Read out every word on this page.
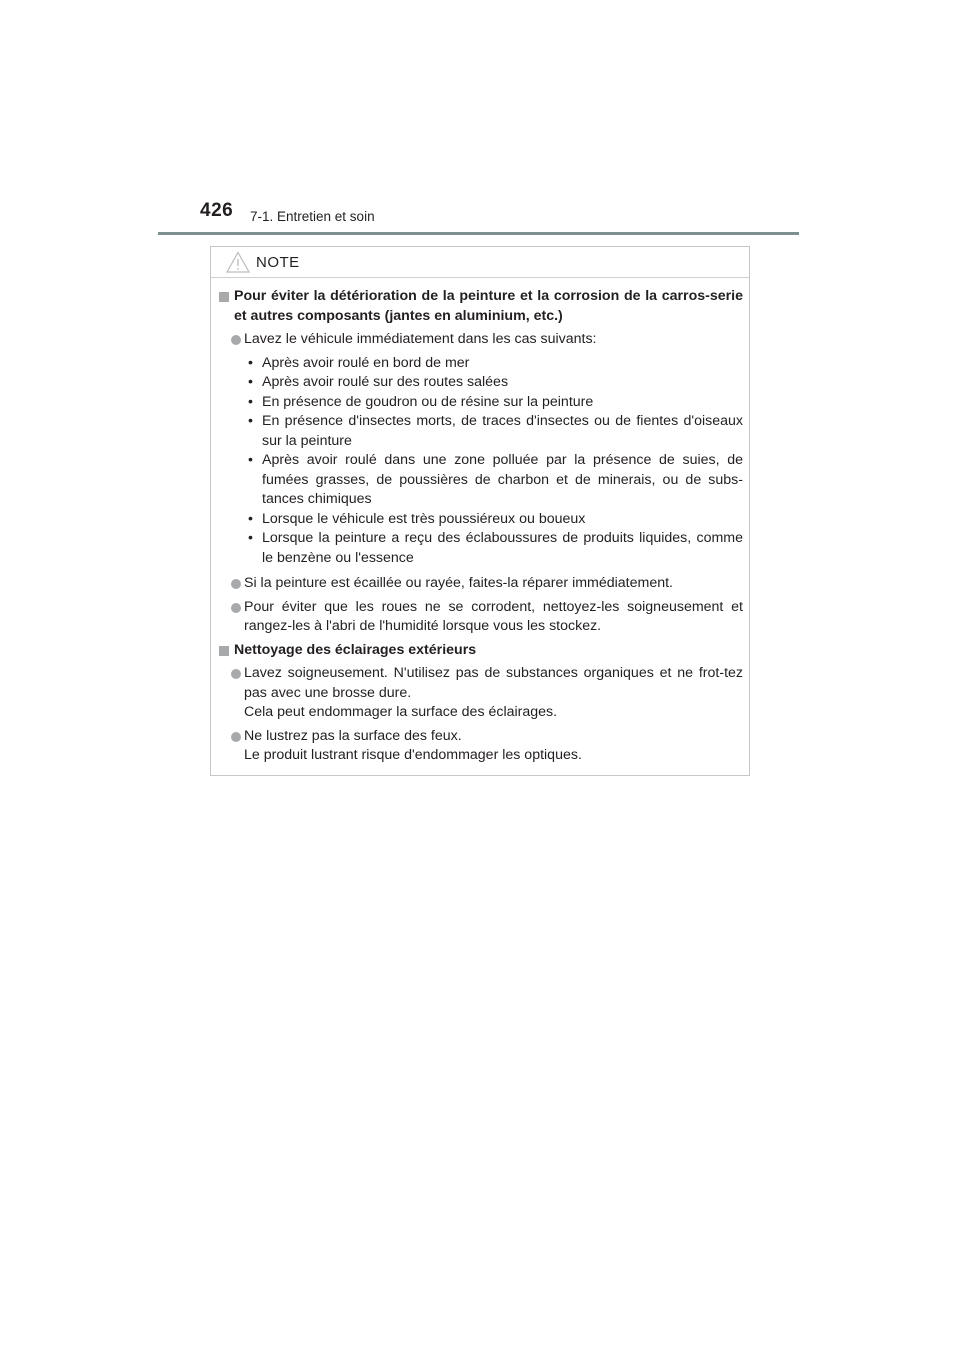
426 7-1. Entretien et soin
NOTE
Pour éviter la détérioration de la peinture et la corrosion de la carros-serie et autres composants (jantes en aluminium, etc.)
Lavez le véhicule immédiatement dans les cas suivants:
• Après avoir roulé en bord de mer
• Après avoir roulé sur des routes salées
• En présence de goudron ou de résine sur la peinture
• En présence d'insectes morts, de traces d'insectes ou de fientes d'oiseaux sur la peinture
• Après avoir roulé dans une zone polluée par la présence de suies, de fumées grasses, de poussières de charbon et de minerais, ou de subs-tances chimiques
• Lorsque le véhicule est très poussiéreux ou boueux
• Lorsque la peinture a reçu des éclaboussures de produits liquides, comme le benzène ou l'essence
Si la peinture est écaillée ou rayée, faites-la réparer immédiatement.
Pour éviter que les roues ne se corrodent, nettoyez-les soigneusement et rangez-les à l'abri de l'humidité lorsque vous les stockez.
Nettoyage des éclairages extérieurs
Lavez soigneusement. N'utilisez pas de substances organiques et ne frot-tez pas avec une brosse dure.
Cela peut endommager la surface des éclairages.
Ne lustrez pas la surface des feux.
Le produit lustrant risque d'endommager les optiques.
